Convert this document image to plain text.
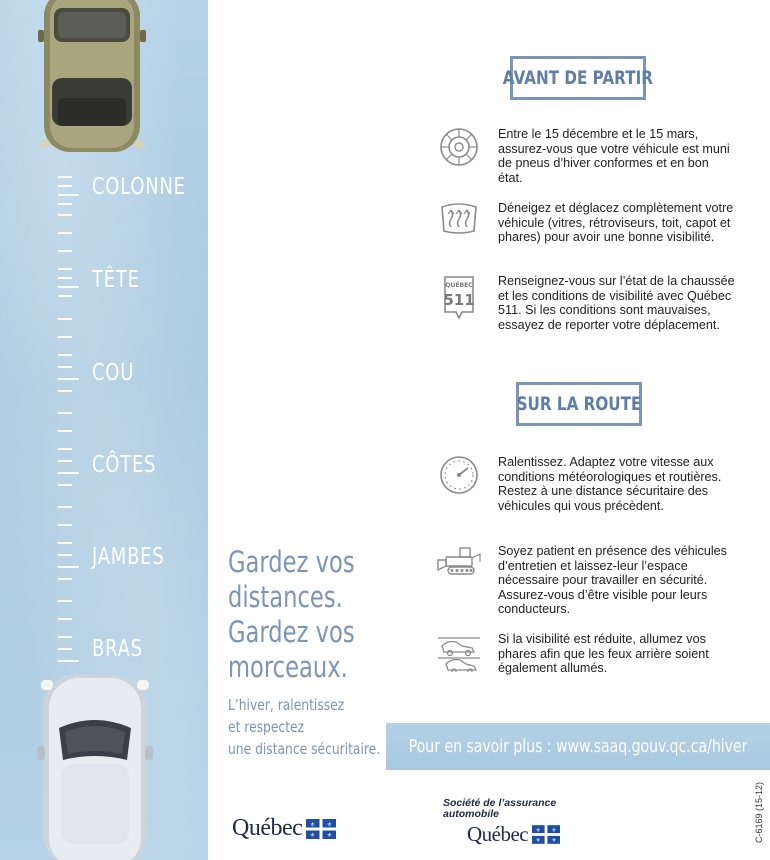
COLONNE
TÊTE
COU
CÔTES
JAMBES
BRAS
Gardez vos
distances.
Gardez vos
morceaux.
L’hiver, ralentissez
et respectez
une distance sécuritaire.
Québec ⚜ ⚜
⚜ ⚜
AVANT DE PARTIR

Entre le 15 décembre et le 15 mars, assurez-vous que votre véhicule est muni de pneus d’hiver conformes et en bon état.

Déneigez et déglacez complètement votre véhicule (vitres, rétroviseurs, toit, capot et phares) pour avoir une bonne visibilité.

QUÉBEC
511

Renseignez-vous sur l’état de la chaussée et les conditions de visibilité avec Québec 511. Si les conditions sont mauvaises, essayez de reporter votre déplacement.

SUR LA ROUTE

Ralentissez. Adaptez votre vitesse aux conditions météorologiques et routières.

Restez à une distance sécuritaire des véhicules qui vous précèdent.

Soyez patient en présence des véhicules d’entretien et laissez-leur l’espace nécessaire pour travailler en sécurité. Assurez-vous d’être visible pour leurs conducteurs.

Si la visibilité est réduite, allumez vos phares afin que les feux arrière soient également allumés.

Pour en savoir plus : www.saaq.gouv.qc.ca/hiver
Société de l’assurance
automobile
Québec ⚜ ⚜
⚜ ⚜	C-6169 (15-12)
